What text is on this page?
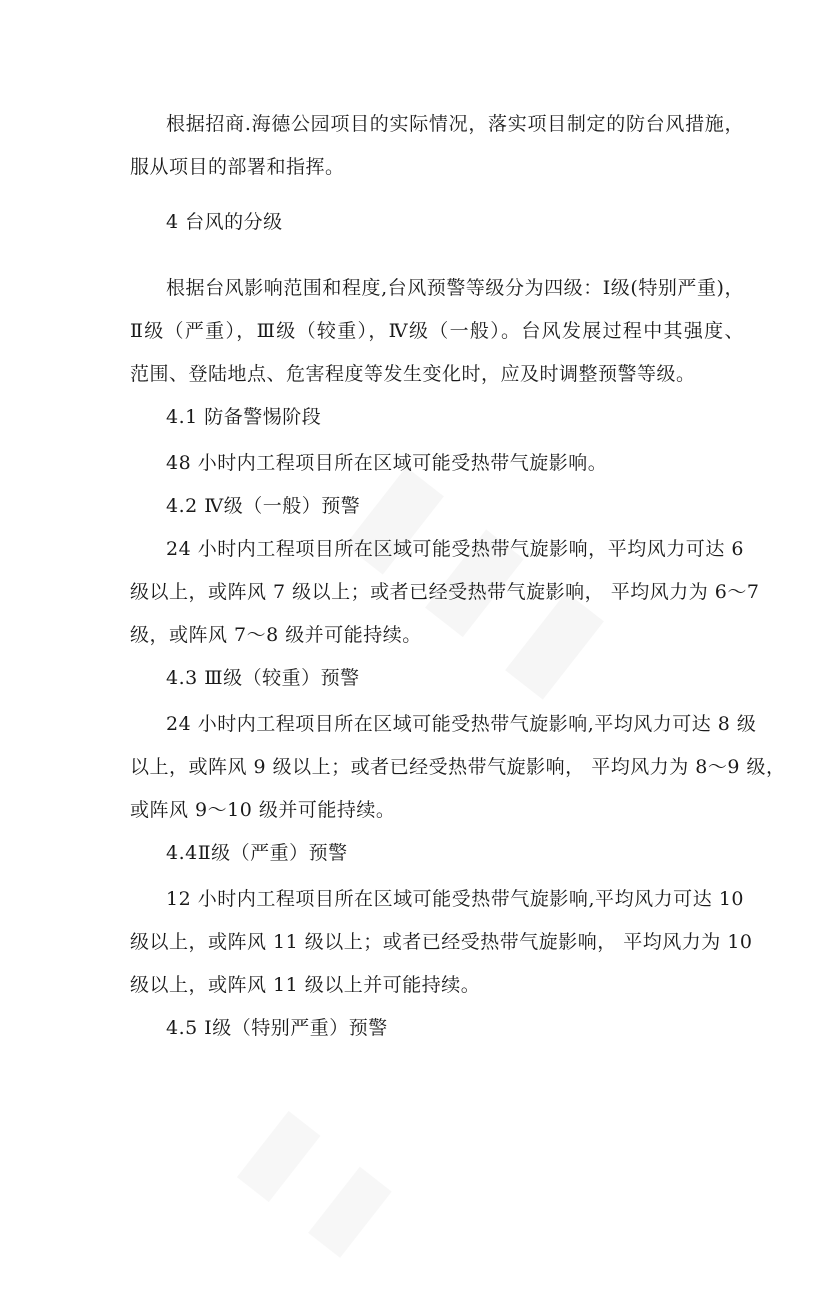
根据招商.海德公园项目的实际情况，落实项目制定的防台风措施，
服从项目的部署和指挥。
4 台风的分级
根据台风影响范围和程度,台风预警等级分为四级：Ⅰ级(特别严重)，
Ⅱ级（严重），Ⅲ级（较重），Ⅳ级（一般）。台风发展过程中其强度、
范围、登陆地点、危害程度等发生变化时，应及时调整预警等级。
4.1 防备警惕阶段
48 小时内工程项目所在区域可能受热带气旋影响。
4.2 Ⅳ级（一般）预警
24 小时内工程项目所在区域可能受热带气旋影响，平均风力可达 6
级以上，或阵风 7 级以上；或者已经受热带气旋影响， 平均风力为 6～7
级，或阵风 7～8 级并可能持续。
4.3 Ⅲ级（较重）预警
24 小时内工程项目所在区域可能受热带气旋影响,平均风力可达 8 级
以上，或阵风 9 级以上；或者已经受热带气旋影响， 平均风力为 8～9 级，
或阵风 9～10 级并可能持续。
4.4Ⅱ级（严重）预警
12 小时内工程项目所在区域可能受热带气旋影响,平均风力可达 10
级以上，或阵风 11 级以上；或者已经受热带气旋影响， 平均风力为 10
级以上，或阵风 11 级以上并可能持续。
4.5 Ⅰ级（特别严重）预警
